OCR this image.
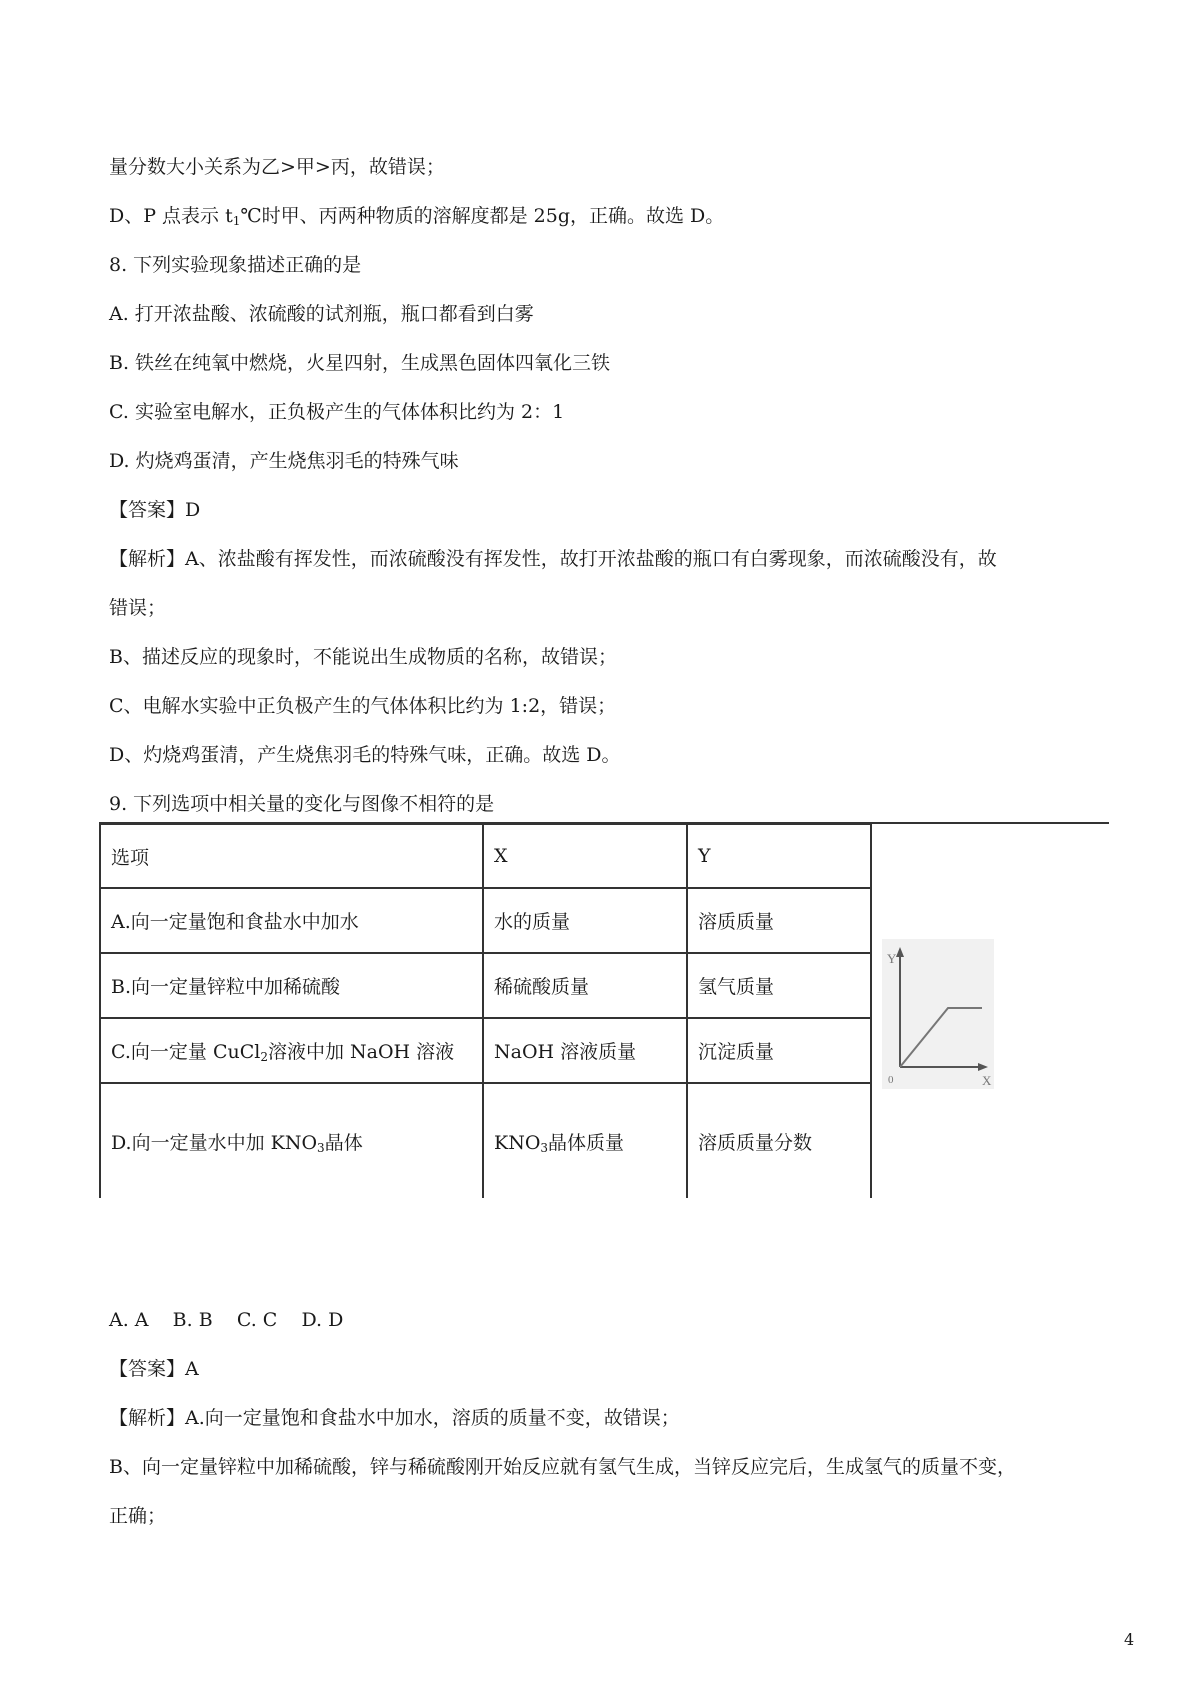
量分数大小关系为乙>甲>丙，故错误；
D、P 点表示 $t_1℃$时甲、丙两种物质的溶解度都是 25g，正确。故选 D。
8. 下列实验现象描述正确的是
A. 打开浓盐酸、浓硫酸的试剂瓶，瓶口都看到白雾
B. 铁丝在纯氧中燃烧，火星四射，生成黑色固体四氧化三铁
C. 实验室电解水，正负极产生的气体体积比约为 2：1
D. 灼烧鸡蛋清，产生烧焦羽毛的特殊气味
【答案】D
【解析】A、浓盐酸有挥发性，而浓硫酸没有挥发性，故打开浓盐酸的瓶口有白雾现象，而浓硫酸没有，故
错误；
B、描述反应的现象时，不能说出生成物质的名称，故错误；
C、电解水实验中正负极产生的气体体积比约为 1:2，错误；
D、灼烧鸡蛋清，产生烧焦羽毛的特殊气味，正确。故选 D。
9. 下列选项中相关量的变化与图像不相符的是
选项	X	Y	
A.向一定量饱和食盐水中加水	水的质量	溶质质量	
B.向一定量锌粒中加稀硫酸	稀硫酸质量	氢气质量	
C.向一定量 CuCl$_2$溶液中加 NaOH 溶液	NaOH 溶液质量	沉淀质量	
D.向一定量水中加 $KNO_3$晶体	$KNO_3$晶体质量	溶质质量分数	
Y
X
0
A. A    B. B    C. C    D. D
【答案】A
【解析】A.向一定量饱和食盐水中加水，溶质的质量不变，故错误；
B、向一定量锌粒中加稀硫酸，锌与稀硫酸刚开始反应就有氢气生成，当锌反应完后，生成氢气的质量不变，
正确；
4
